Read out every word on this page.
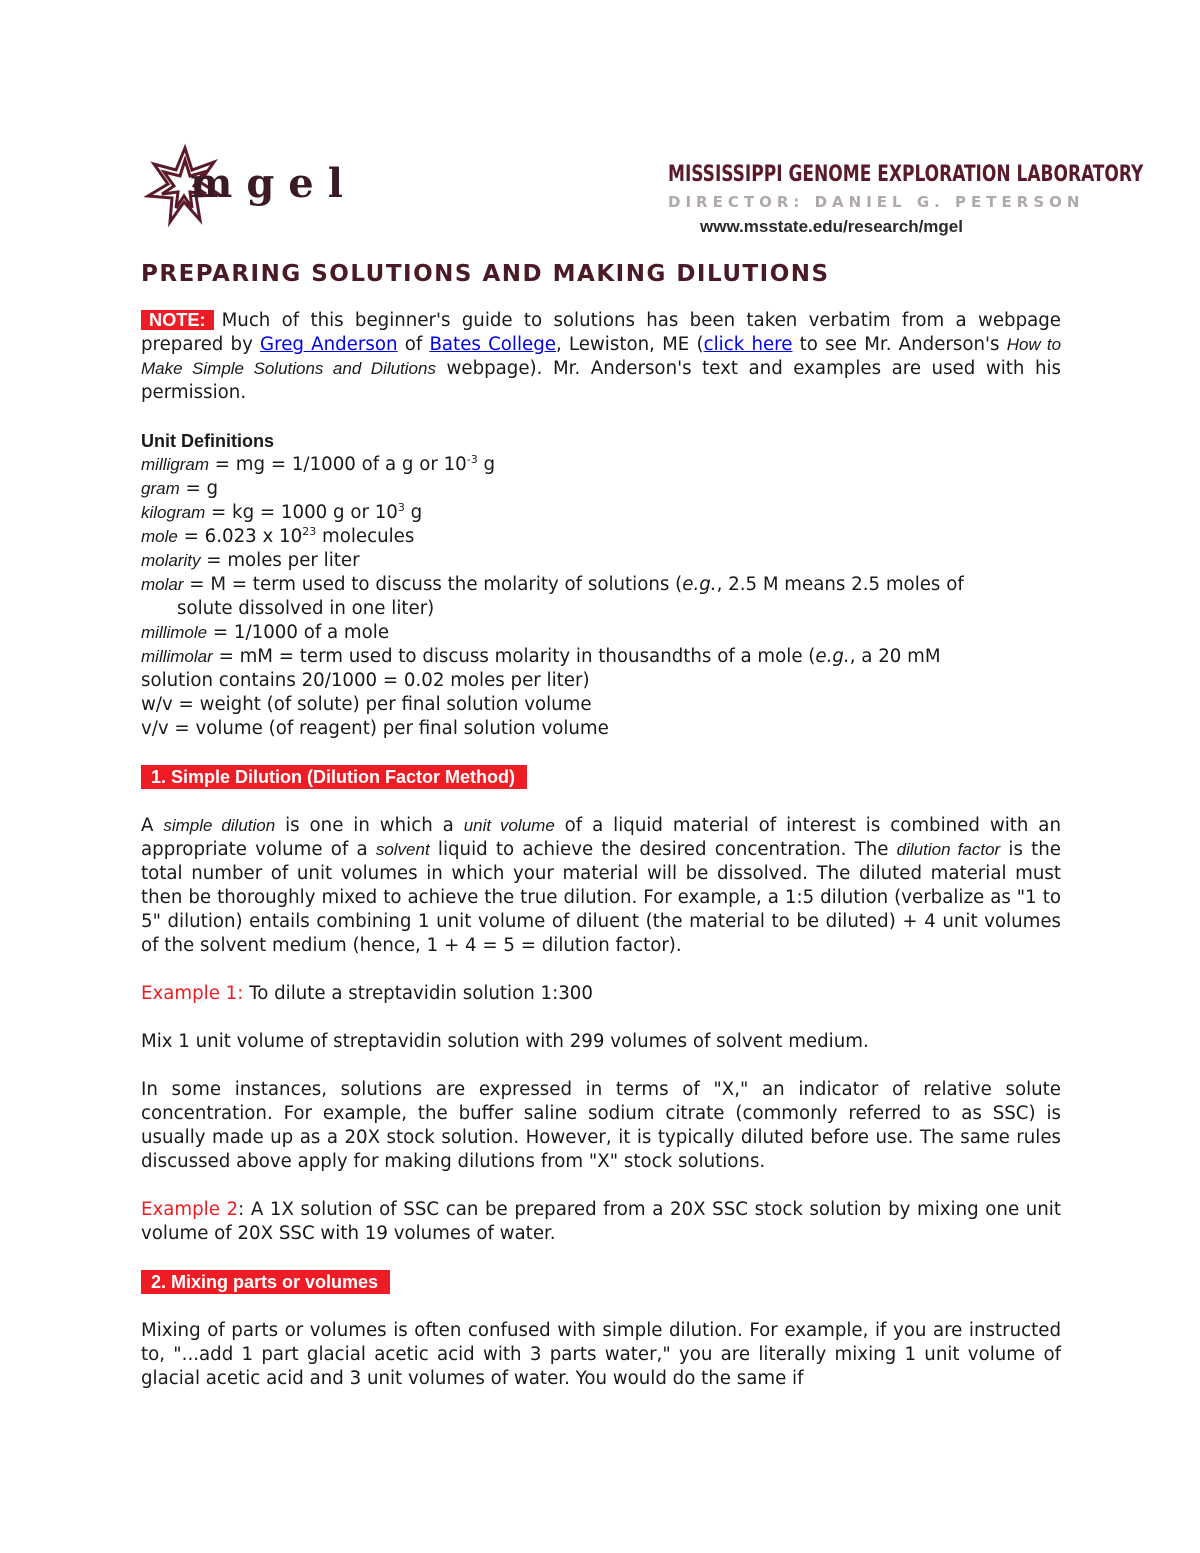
mgel	MISSISSIPPI GENOME EXPLORATION LABORATORY
DIRECTOR: DANIEL G. PETERSON
www.msstate.edu/research/mgel
PREPARING SOLUTIONS AND MAKING DILUTIONS

NOTE: Much of this beginner's guide to solutions has been taken verbatim from a webpage prepared by Greg Anderson of Bates College, Lewiston, ME (click here to see Mr. Anderson's How to Make Simple Solutions and Dilutions webpage). Mr. Anderson's text and examples are used with his permission.

Unit Definitions
milligram = mg = 1/1000 of a g or $10^{-3}$ g
gram = g
kilogram = kg = 1000 g or $10^3$ g
mole = 6.023 x $10^{23}$ molecules
molarity = moles per liter
molar = M = term used to discuss the molarity of solutions (e.g., 2.5 M means 2.5 moles of
solute dissolved in one liter)
millimole = 1/1000 of a mole
millimolar = mM = term used to discuss molarity in thousandths of a mole (e.g., a 20 mM
solution contains 20/1000 = 0.02 moles per liter)
w/v = weight (of solute) per final solution volume
v/v = volume (of reagent) per final solution volume
1. Simple Dilution (Dilution Factor Method)

A simple dilution is one in which a unit volume of a liquid material of interest is combined with an appropriate volume of a solvent liquid to achieve the desired concentration. The dilution factor is the total number of unit volumes in which your material will be dissolved. The diluted material must then be thoroughly mixed to achieve the true dilution. For example, a 1:5 dilution (verbalize as "1 to 5" dilution) entails combining 1 unit volume of diluent (the material to be diluted) + 4 unit volumes of the solvent medium (hence, 1 + 4 = 5 = dilution factor).

Example 1: To dilute a streptavidin solution 1:300

Mix 1 unit volume of streptavidin solution with 299 volumes of solvent medium.

In some instances, solutions are expressed in terms of "X," an indicator of relative solute concentration. For example, the buffer saline sodium citrate (commonly referred to as SSC) is usually made up as a 20X stock solution. However, it is typically diluted before use. The same rules discussed above apply for making dilutions from "X" stock solutions.

Example 2: A 1X solution of SSC can be prepared from a 20X SSC stock solution by mixing one unit volume of 20X SSC with 19 volumes of water.

2. Mixing parts or volumes

Mixing of parts or volumes is often confused with simple dilution. For example, if you are instructed to, "...add 1 part glacial acetic acid with 3 parts water," you are literally mixing 1 unit volume of glacial acetic acid and 3 unit volumes of water. You would do the same if
